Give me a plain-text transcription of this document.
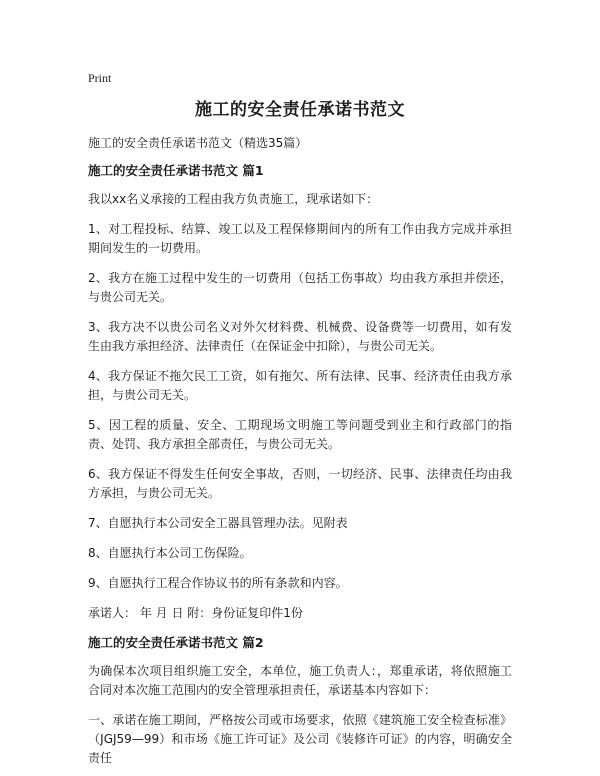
Print
施工的安全责任承诺书范文
施工的安全责任承诺书范文（精选35篇）
施工的安全责任承诺书范文 篇1
我以xx名义承接的工程由我方负责施工，现承诺如下：
1、对工程投标、结算、竣工以及工程保修期间内的所有工作由我方完成并承担期间发生的一切费用。
2、我方在施工过程中发生的一切费用（包括工伤事故）均由我方承担并偿还，与贵公司无关。
3、我方决不以贵公司名义对外欠材料费、机械费、设备费等一切费用，如有发生由我方承担经济、法律责任（在保证金中扣除），与贵公司无关。
4、我方保证不拖欠民工工资，如有拖欠、所有法律、民事、经济责任由我方承担，与贵公司无关。
5、因工程的质量、安全、工期现场文明施工等问题受到业主和行政部门的指责、处罚、我方承担全部责任，与贵公司无关。
6、我方保证不得发生任何安全事故，否则，一切经济、民事、法律责任均由我方承担，与贵公司无关。
7、自愿执行本公司安全工器具管理办法。见附表
8、自愿执行本公司工伤保险。
9、自愿执行工程合作协议书的所有条款和内容。
承诺人： 年 月 日 附：身份证复印件1份
施工的安全责任承诺书范文 篇2
为确保本次项目组织施工安全，本单位，施工负责人：，郑重承诺，将依照施工合同对本次施工范围内的安全管理承担责任，承诺基本内容如下：
一、承诺在施工期间，严格按公司或市场要求，依照《建筑施工安全检查标准》（JGJ59—99）和市场《施工许可证》及公司《装修许可证》的内容，明确安全责任
